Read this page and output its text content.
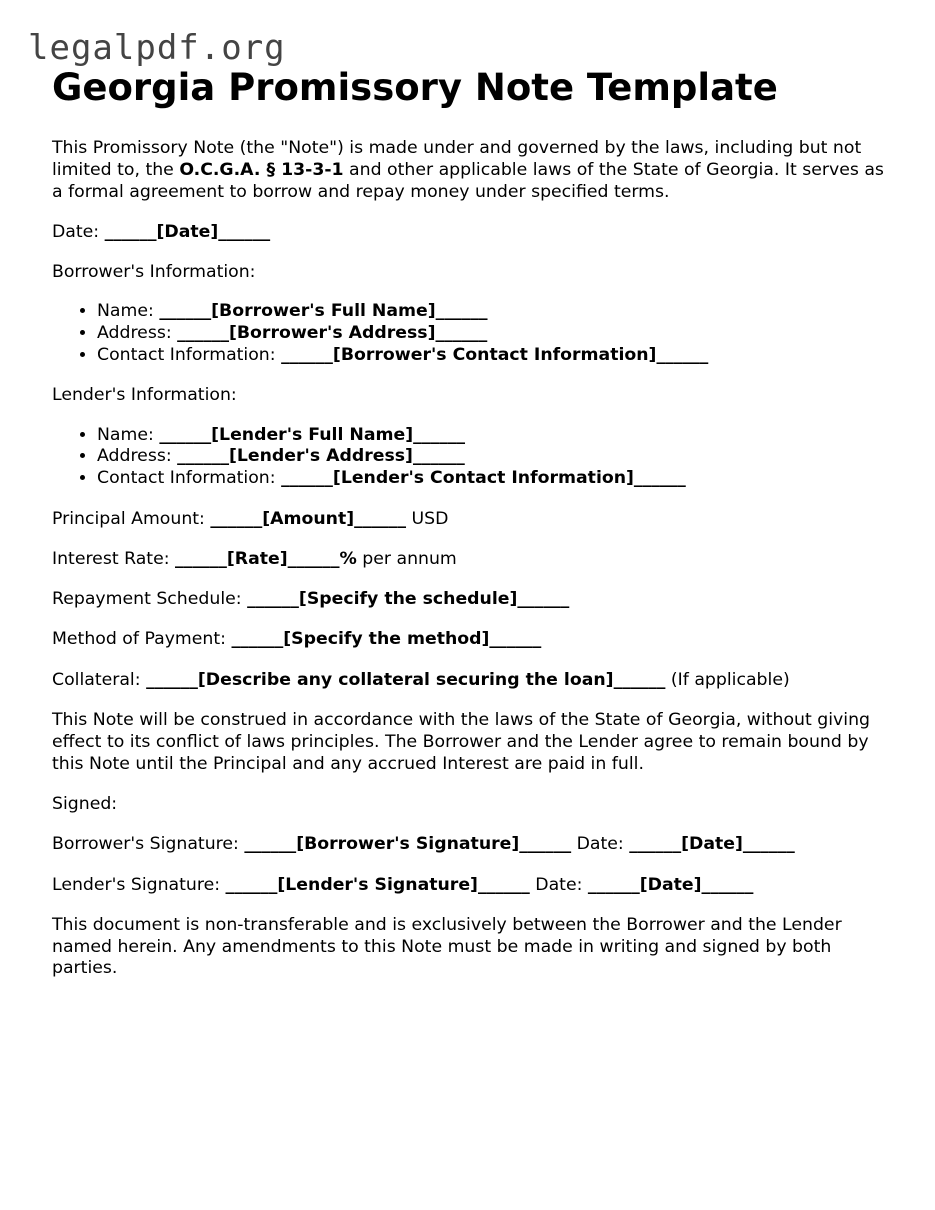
legalpdf.org
Georgia Promissory Note Template

This Promissory Note (the "Note") is made under and governed by the laws, including but not limited to, the O.C.G.A. § 13-3-1 and other applicable laws of the State of Georgia. It serves as a formal agreement to borrow and repay money under specified terms.

Date: ______[Date]______

Borrower's Information:

• Name: ______[Borrower's Full Name]______
• Address: ______[Borrower's Address]______
• Contact Information: ______[Borrower's Contact Information]______

Lender's Information:

• Name: ______[Lender's Full Name]______
• Address: ______[Lender's Address]______
• Contact Information: ______[Lender's Contact Information]______

Principal Amount: ______[Amount]______ USD

Interest Rate: ______[Rate]______% per annum

Repayment Schedule: ______[Specify the schedule]______

Method of Payment: ______[Specify the method]______

Collateral: ______[Describe any collateral securing the loan]______ (If applicable)

This Note will be construed in accordance with the laws of the State of Georgia, without giving effect to its conflict of laws principles. The Borrower and the Lender agree to remain bound by this Note until the Principal and any accrued Interest are paid in full.

Signed:

Borrower's Signature: ______[Borrower's Signature]______ Date: ______[Date]______

Lender's Signature: ______[Lender's Signature]______ Date: ______[Date]______

This document is non-transferable and is exclusively between the Borrower and the Lender named herein. Any amendments to this Note must be made in writing and signed by both parties.
